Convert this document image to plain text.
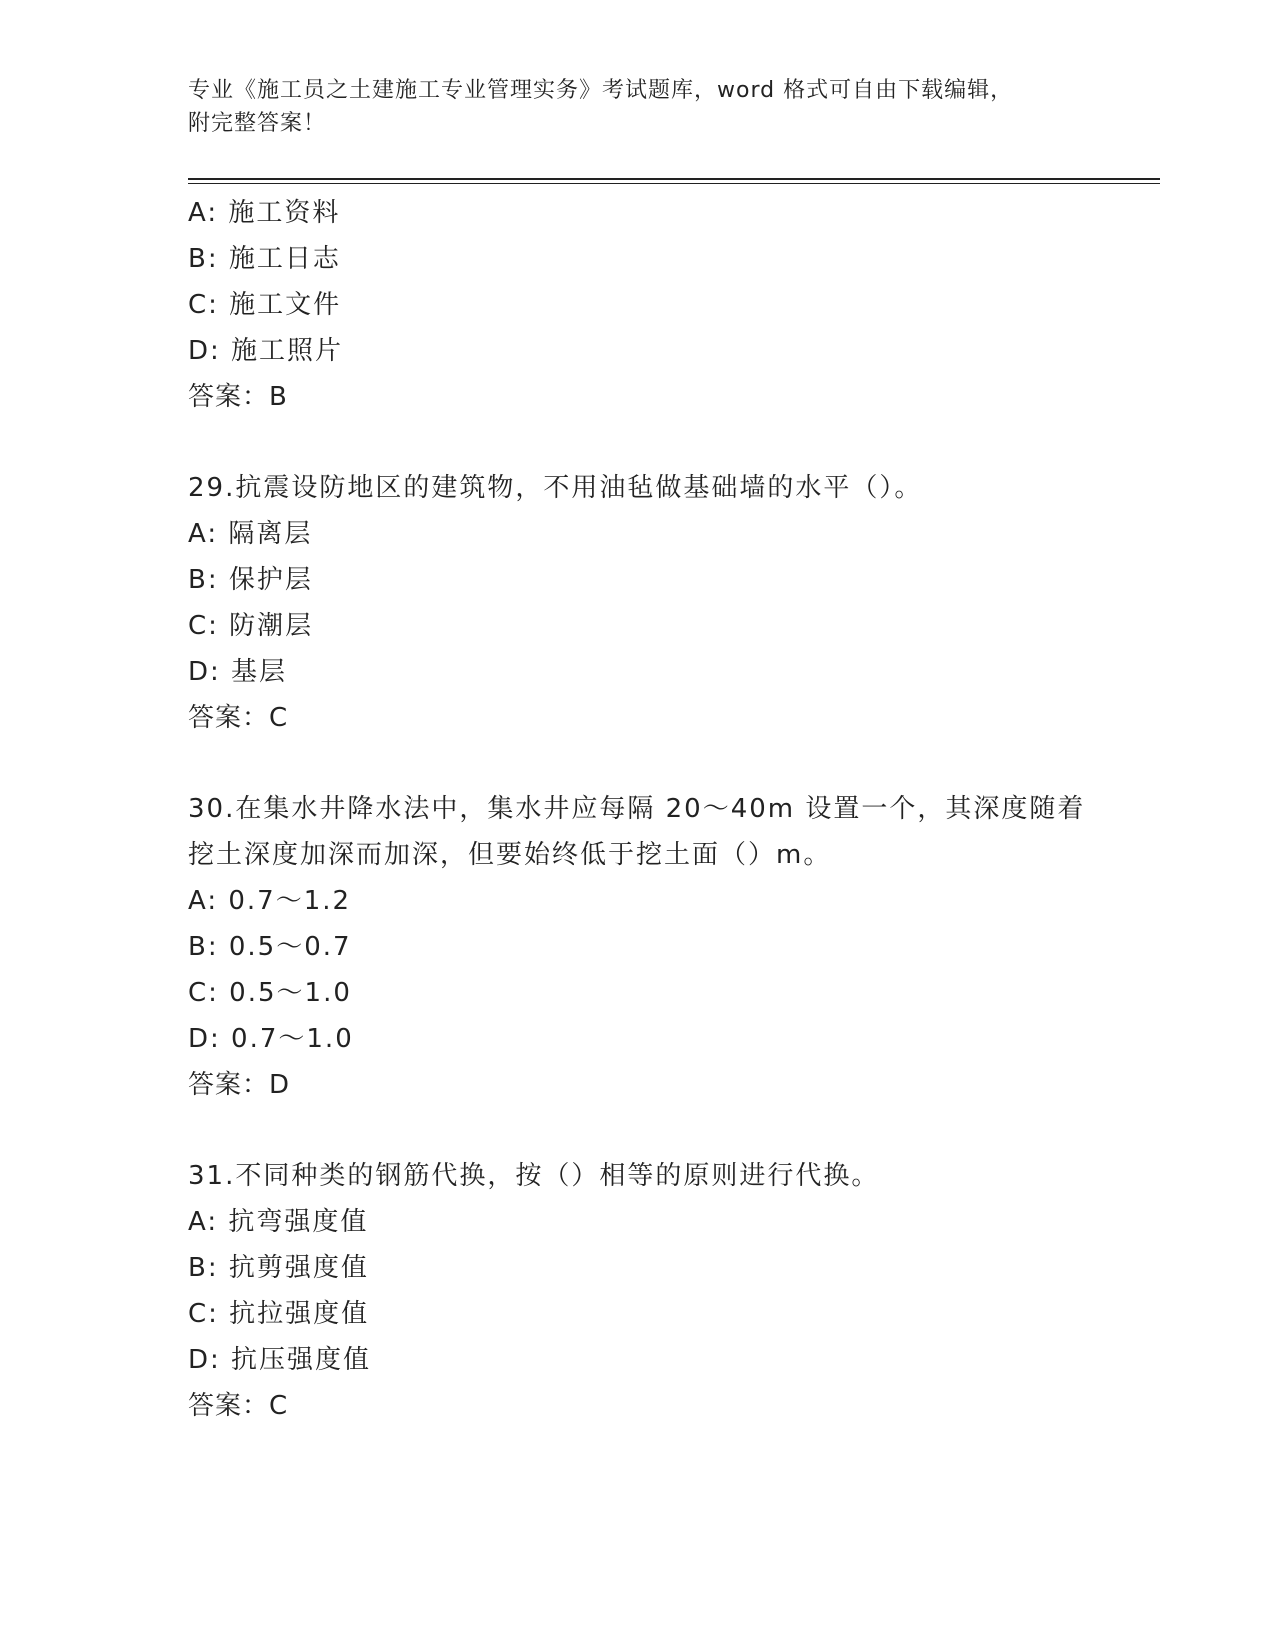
专业《施工员之土建施工专业管理实务》考试题库，word 格式可自由下载编辑，
附完整答案！
A: 施工资料
B: 施工日志
C: 施工文件
D: 施工照片
答案：B
29.抗震设防地区的建筑物，不用油毡做基础墙的水平（）。
A: 隔离层
B: 保护层
C: 防潮层
D: 基层
答案：C
30.在集水井降水法中，集水井应每隔 20～40m 设置一个，其深度随着
挖土深度加深而加深，但要始终低于挖土面（）m。
A: 0.7～1.2
B: 0.5～0.7
C: 0.5～1.0
D: 0.7～1.0
答案：D
31.不同种类的钢筋代换，按（）相等的原则进行代换。
A: 抗弯强度值
B: 抗剪强度值
C: 抗拉强度值
D: 抗压强度值
答案：C
